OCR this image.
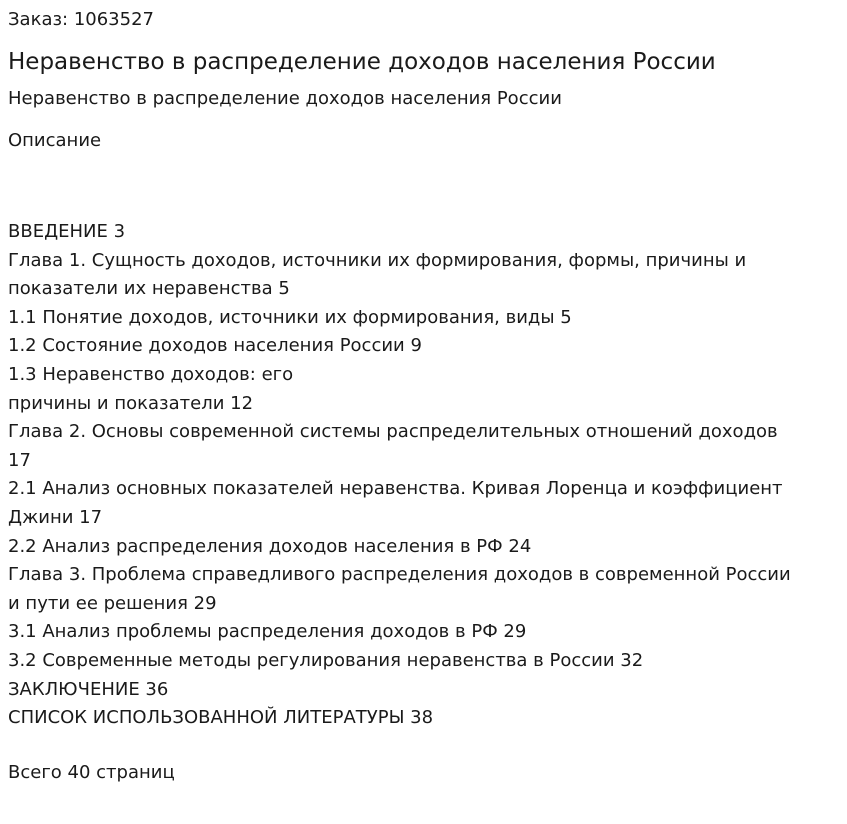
Заказ: 1063527
Неравенство в распределение доходов населения России
Неравенство в распределение доходов населения России
Описание
ВВЕДЕНИЕ 3
Глава 1. Сущность доходов, источники их формирования, формы, причины и
показатели их неравенства 5
1.1 Понятие доходов, источники их формирования, виды 5
1.2 Состояние доходов населения России 9
1.3 Неравенство доходов: его
причины и показатели 12
Глава 2. Основы современной системы распределительных отношений доходов
17
2.1 Анализ основных показателей неравенства. Кривая Лоренца и коэффициент
Джини 17
2.2 Анализ распределения доходов населения в РФ 24
Глава 3. Проблема справедливого распределения доходов в современной России
и пути ее решения 29
3.1 Анализ проблемы распределения доходов в РФ 29
3.2 Современные методы регулирования неравенства в России 32
ЗАКЛЮЧЕНИЕ 36
СПИСОК ИСПОЛЬЗОВАННОЙ ЛИТЕРАТУРЫ 38
Всего 40 страниц
